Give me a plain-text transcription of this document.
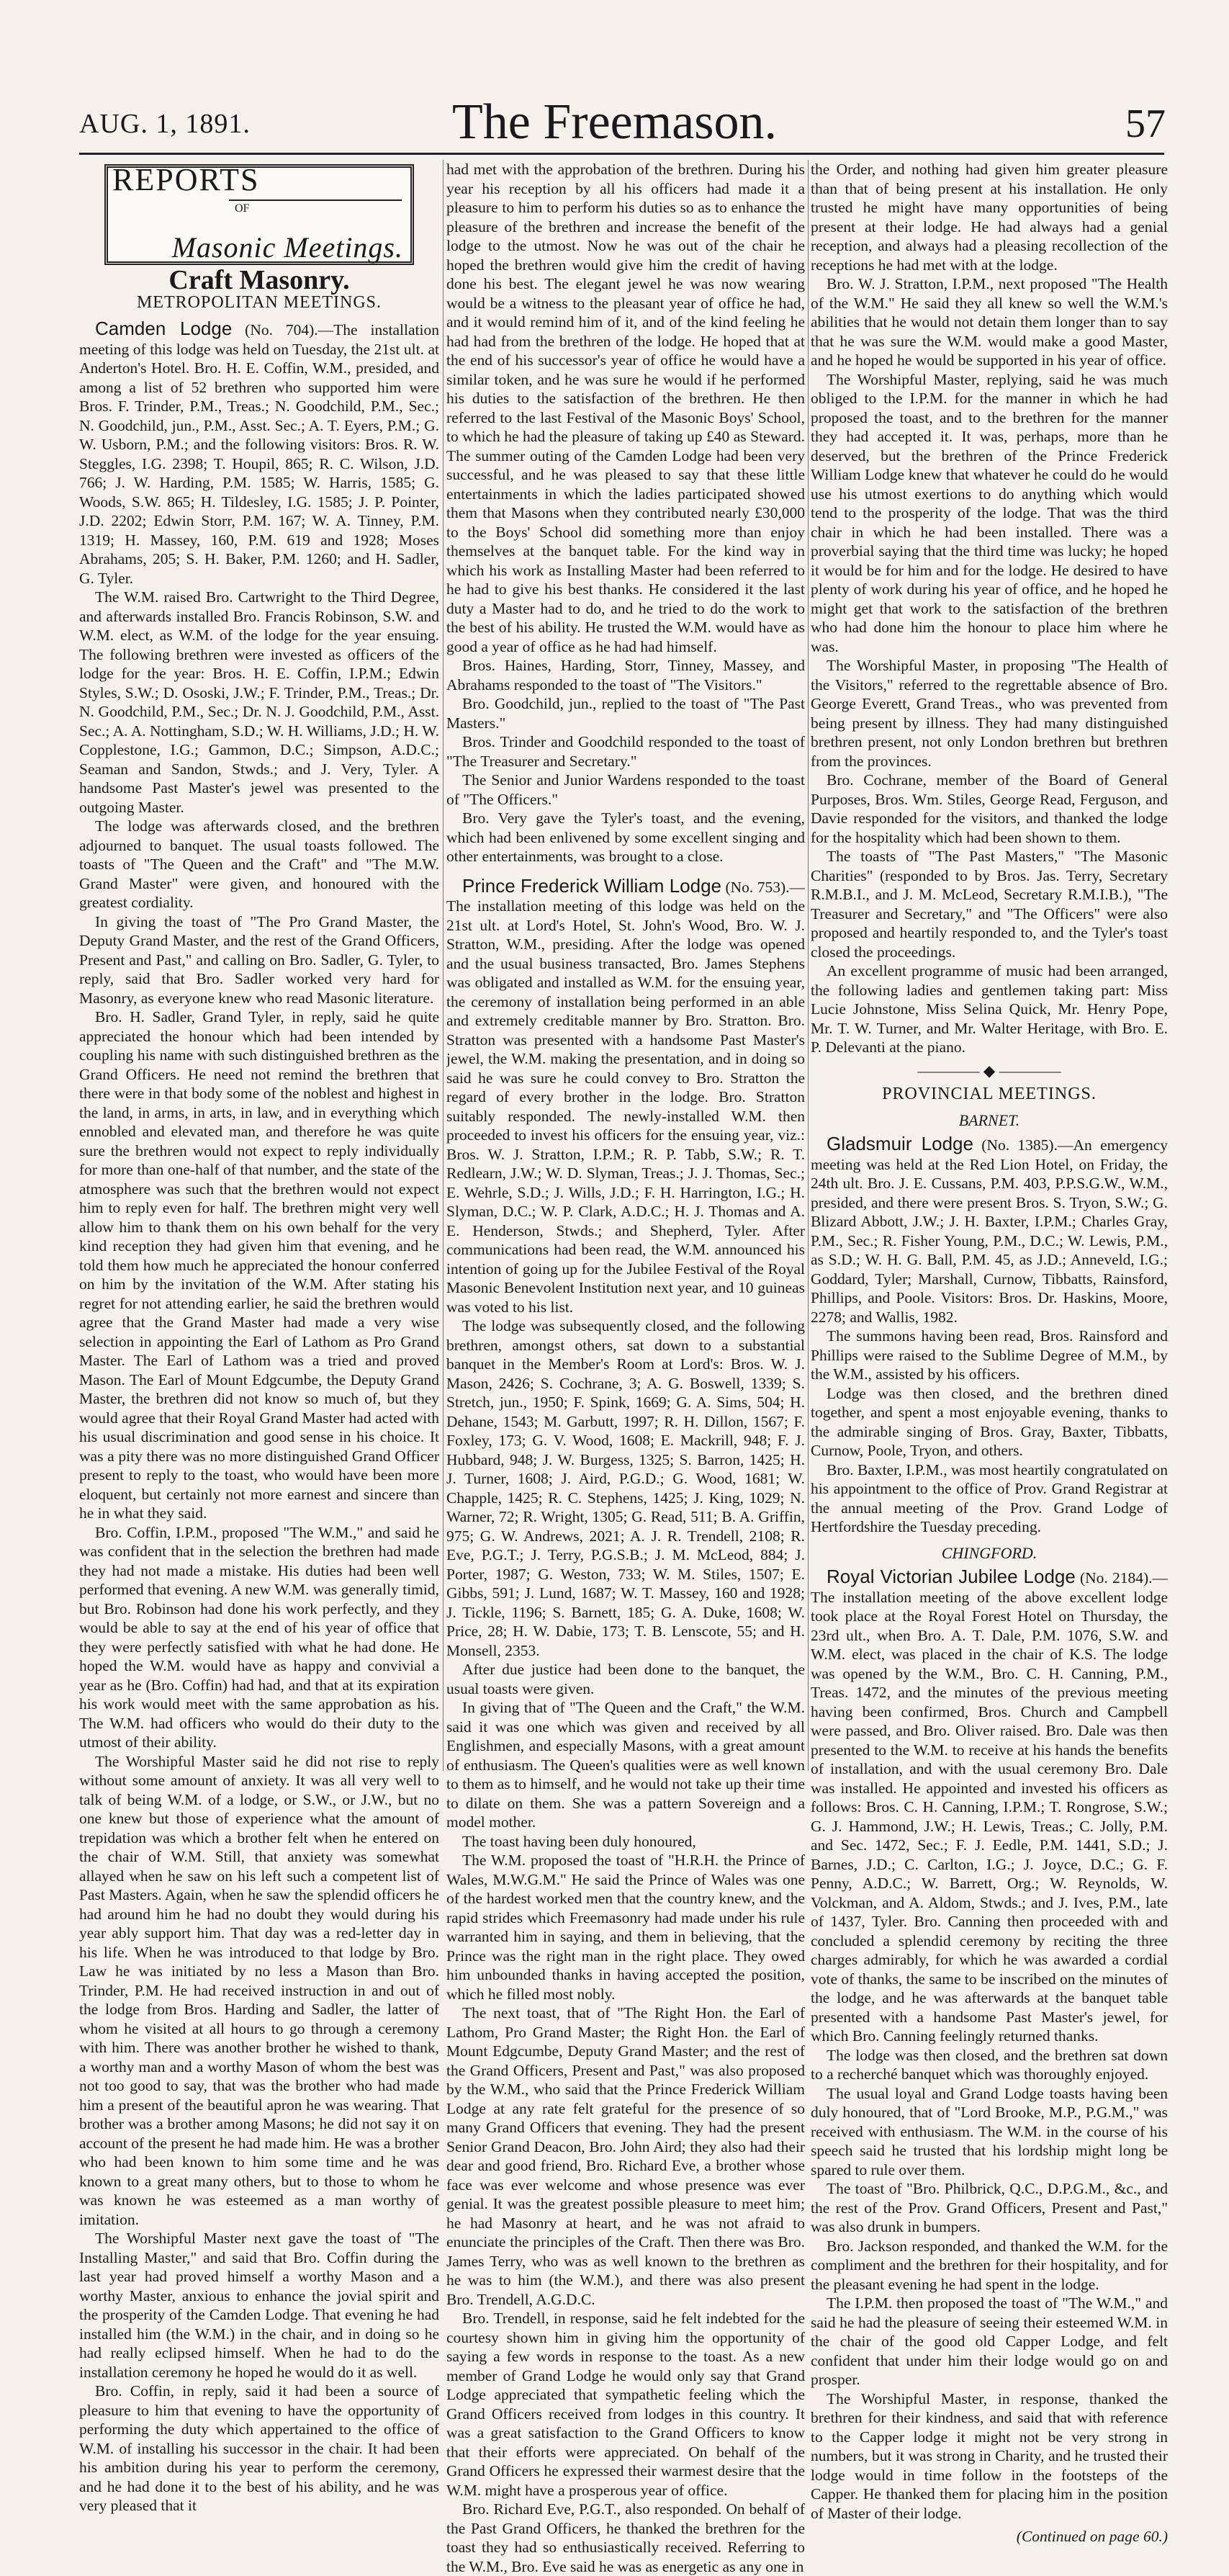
AUG. 1, 1891.	The Freemason.	57
REPORTS
OF
Masonic Meetings.
Craft Masonry.

METROPOLITAN MEETINGS.

Camden Lodge (No. 704).—The installation meeting of this lodge was held on Tuesday, the 21st ult. at Anderton's Hotel. Bro. H. E. Coffin, W.M., presided, and among a list of 52 brethren who supported him were Bros. F. Trinder, P.M., Treas.; N. Goodchild, P.M., Sec.; N. Goodchild, jun., P.M., Asst. Sec.; A. T. Eyers, P.M.; G. W. Usborn, P.M.; and the following visitors: Bros. R. W. Steggles, I.G. 2398; T. Houpil, 865; R. C. Wilson, J.D. 766; J. W. Harding, P.M. 1585; W. Harris, 1585; G. Woods, S.W. 865; H. Tildesley, I.G. 1585; J. P. Pointer, J.D. 2202; Edwin Storr, P.M. 167; W. A. Tinney, P.M. 1319; H. Massey, 160, P.M. 619 and 1928; Moses Abrahams, 205; S. H. Baker, P.M. 1260; and H. Sadler, G. Tyler.

The W.M. raised Bro. Cartwright to the Third Degree, and afterwards installed Bro. Francis Robinson, S.W. and W.M. elect, as W.M. of the lodge for the year ensuing. The following brethren were invested as officers of the lodge for the year: Bros. H. E. Coffin, I.P.M.; Edwin Styles, S.W.; D. Ososki, J.W.; F. Trinder, P.M., Treas.; Dr. N. Goodchild, P.M., Sec.; Dr. N. J. Goodchild, P.M., Asst. Sec.; A. A. Nottingham, S.D.; W. H. Williams, J.D.; H. W. Copplestone, I.G.; Gammon, D.C.; Simpson, A.D.C.; Seaman and Sandon, Stwds.; and J. Very, Tyler. A handsome Past Master's jewel was presented to the outgoing Master.

The lodge was afterwards closed, and the brethren adjourned to banquet. The usual toasts followed. The toasts of "The Queen and the Craft" and "The M.W. Grand Master" were given, and honoured with the greatest cordiality.

In giving the toast of "The Pro Grand Master, the Deputy Grand Master, and the rest of the Grand Officers, Present and Past," and calling on Bro. Sadler, G. Tyler, to reply, said that Bro. Sadler worked very hard for Masonry, as everyone knew who read Masonic literature.

Bro. H. Sadler, Grand Tyler, in reply, said he quite appreciated the honour which had been intended by coupling his name with such distinguished brethren as the Grand Officers. He need not remind the brethren that there were in that body some of the noblest and highest in the land, in arms, in arts, in law, and in everything which ennobled and elevated man, and therefore he was quite sure the brethren would not expect to reply individually for more than one-half of that number, and the state of the atmosphere was such that the brethren would not expect him to reply even for half. The brethren might very well allow him to thank them on his own behalf for the very kind reception they had given him that evening, and he told them how much he appreciated the honour conferred on him by the invitation of the W.M. After stating his regret for not attending earlier, he said the brethren would agree that the Grand Master had made a very wise selection in appointing the Earl of Lathom as Pro Grand Master. The Earl of Lathom was a tried and proved Mason. The Earl of Mount Edgcumbe, the Deputy Grand Master, the brethren did not know so much of, but they would agree that their Royal Grand Master had acted with his usual discrimination and good sense in his choice. It was a pity there was no more distinguished Grand Officer present to reply to the toast, who would have been more eloquent, but certainly not more earnest and sincere than he in what they said.

Bro. Coffin, I.P.M., proposed "The W.M.," and said he was confident that in the selection the brethren had made they had not made a mistake. His duties had been well performed that evening. A new W.M. was generally timid, but Bro. Robinson had done his work perfectly, and they would be able to say at the end of his year of office that they were perfectly satisfied with what he had done. He hoped the W.M. would have as happy and convivial a year as he (Bro. Coffin) had had, and that at its expiration his work would meet with the same approbation as his. The W.M. had officers who would do their duty to the utmost of their ability.

The Worshipful Master said he did not rise to reply without some amount of anxiety. It was all very well to talk of being W.M. of a lodge, or S.W., or J.W., but no one knew but those of experience what the amount of trepidation was which a brother felt when he entered on the chair of W.M. Still, that anxiety was somewhat allayed when he saw on his left such a competent list of Past Masters. Again, when he saw the splendid officers he had around him he had no doubt they would during his year ably support him. That day was a red-letter day in his life. When he was introduced to that lodge by Bro. Law he was initiated by no less a Mason than Bro. Trinder, P.M. He had received instruction in and out of the lodge from Bros. Harding and Sadler, the latter of whom he visited at all hours to go through a ceremony with him. There was another brother he wished to thank, a worthy man and a worthy Mason of whom the best was not too good to say, that was the brother who had made him a present of the beautiful apron he was wearing. That brother was a brother among Masons; he did not say it on account of the present he had made him. He was a brother who had been known to him some time and he was known to a great many others, but to those to whom he was known he was esteemed as a man worthy of imitation.

The Worshipful Master next gave the toast of "The Installing Master," and said that Bro. Coffin during the last year had proved himself a worthy Mason and a worthy Master, anxious to enhance the jovial spirit and the prosperity of the Camden Lodge. That evening he had installed him (the W.M.) in the chair, and in doing so he had really eclipsed himself. When he had to do the installation ceremony he hoped he would do it as well.

Bro. Coffin, in reply, said it had been a source of pleasure to him that evening to have the opportunity of performing the duty which appertained to the office of W.M. of installing his successor in the chair. It had been his ambition during his year to perform the ceremony, and he had done it to the best of his ability, and he was very pleased that it

had met with the approbation of the brethren. During his year his reception by all his officers had made it a pleasure to him to perform his duties so as to enhance the pleasure of the brethren and increase the benefit of the lodge to the utmost. Now he was out of the chair he hoped the brethren would give him the credit of having done his best. The elegant jewel he was now wearing would be a witness to the pleasant year of office he had, and it would remind him of it, and of the kind feeling he had had from the brethren of the lodge. He hoped that at the end of his successor's year of office he would have a similar token, and he was sure he would if he performed his duties to the satisfaction of the brethren. He then referred to the last Festival of the Masonic Boys' School, to which he had the pleasure of taking up £40 as Steward. The summer outing of the Camden Lodge had been very successful, and he was pleased to say that these little entertainments in which the ladies participated showed them that Masons when they contributed nearly £30,000 to the Boys' School did something more than enjoy themselves at the banquet table. For the kind way in which his work as Installing Master had been referred to he had to give his best thanks. He considered it the last duty a Master had to do, and he tried to do the work to the best of his ability. He trusted the W.M. would have as good a year of office as he had had himself.

Bros. Haines, Harding, Storr, Tinney, Massey, and Abrahams responded to the toast of "The Visitors."

Bro. Goodchild, jun., replied to the toast of "The Past Masters."

Bros. Trinder and Goodchild responded to the toast of "The Treasurer and Secretary."

The Senior and Junior Wardens responded to the toast of "The Officers."

Bro. Very gave the Tyler's toast, and the evening, which had been enlivened by some excellent singing and other entertainments, was brought to a close.

Prince Frederick William Lodge (No. 753).—The installation meeting of this lodge was held on the 21st ult. at Lord's Hotel, St. John's Wood, Bro. W. J. Stratton, W.M., presiding. After the lodge was opened and the usual business transacted, Bro. James Stephens was obligated and installed as W.M. for the ensuing year, the ceremony of installation being performed in an able and extremely creditable manner by Bro. Stratton. Bro. Stratton was presented with a handsome Past Master's jewel, the W.M. making the presentation, and in doing so said he was sure he could convey to Bro. Stratton the regard of every brother in the lodge. Bro. Stratton suitably responded. The newly-installed W.M. then proceeded to invest his officers for the ensuing year, viz.: Bros. W. J. Stratton, I.P.M.; R. P. Tabb, S.W.; R. T. Redlearn, J.W.; W. D. Slyman, Treas.; J. J. Thomas, Sec.; E. Wehrle, S.D.; J. Wills, J.D.; F. H. Harrington, I.G.; H. Slyman, D.C.; W. P. Clark, A.D.C.; H. J. Thomas and A. E. Henderson, Stwds.; and Shepherd, Tyler. After communications had been read, the W.M. announced his intention of going up for the Jubilee Festival of the Royal Masonic Benevolent Institution next year, and 10 guineas was voted to his list.

The lodge was subsequently closed, and the following brethren, amongst others, sat down to a substantial banquet in the Member's Room at Lord's: Bros. W. J. Mason, 2426; S. Cochrane, 3; A. G. Boswell, 1339; S. Stretch, jun., 1950; F. Spink, 1669; G. A. Sims, 504; H. Dehane, 1543; M. Garbutt, 1997; R. H. Dillon, 1567; F. Foxley, 173; G. V. Wood, 1608; E. Mackrill, 948; F. J. Hubbard, 948; J. W. Burgess, 1325; S. Barron, 1425; H. J. Turner, 1608; J. Aird, P.G.D.; G. Wood, 1681; W. Chapple, 1425; R. C. Stephens, 1425; J. King, 1029; N. Warner, 72; R. Wright, 1305; G. Read, 511; B. A. Griffin, 975; G. W. Andrews, 2021; A. J. R. Trendell, 2108; R. Eve, P.G.T.; J. Terry, P.G.S.B.; J. M. McLeod, 884; J. Porter, 1987; G. Weston, 733; W. M. Stiles, 1507; E. Gibbs, 591; J. Lund, 1687; W. T. Massey, 160 and 1928; J. Tickle, 1196; S. Barnett, 185; G. A. Duke, 1608; W. Price, 28; H. W. Dabie, 173; T. B. Lenscote, 55; and H. Monsell, 2353.

After due justice had been done to the banquet, the usual toasts were given.

In giving that of "The Queen and the Craft," the W.M. said it was one which was given and received by all Englishmen, and especially Masons, with a great amount of enthusiasm. The Queen's qualities were as well known to them as to himself, and he would not take up their time to dilate on them. She was a pattern Sovereign and a model mother.

The toast having been duly honoured,

The W.M. proposed the toast of "H.R.H. the Prince of Wales, M.W.G.M." He said the Prince of Wales was one of the hardest worked men that the country knew, and the rapid strides which Freemasonry had made under his rule warranted him in saying, and them in believing, that the Prince was the right man in the right place. They owed him unbounded thanks in having accepted the position, which he filled most nobly.

The next toast, that of "The Right Hon. the Earl of Lathom, Pro Grand Master; the Right Hon. the Earl of Mount Edgcumbe, Deputy Grand Master; and the rest of the Grand Officers, Present and Past," was also proposed by the W.M., who said that the Prince Frederick William Lodge at any rate felt grateful for the presence of so many Grand Officers that evening. They had the present Senior Grand Deacon, Bro. John Aird; they also had their dear and good friend, Bro. Richard Eve, a brother whose face was ever welcome and whose presence was ever genial. It was the greatest possible pleasure to meet him; he had Masonry at heart, and he was not afraid to enunciate the principles of the Craft. Then there was Bro. James Terry, who was as well known to the brethren as he was to him (the W.M.), and there was also present Bro. Trendell, A.G.D.C.

Bro. Trendell, in response, said he felt indebted for the courtesy shown him in giving him the opportunity of saying a few words in response to the toast. As a new member of Grand Lodge he would only say that Grand Lodge appreciated that sympathetic feeling which the Grand Officers received from lodges in this country. It was a great satisfaction to the Grand Officers to know that their efforts were appreciated. On behalf of the Grand Officers he expressed their warmest desire that the W.M. might have a prosperous year of office.

Bro. Richard Eve, P.G.T., also responded. On behalf of the Past Grand Officers, he thanked the brethren for the toast they had so enthusiastically received. Referring to the W.M., Bro. Eve said he was as energetic as any one in

the Order, and nothing had given him greater pleasure than that of being present at his installation. He only trusted he might have many opportunities of being present at their lodge. He had always had a genial reception, and always had a pleasing recollection of the receptions he had met with at the lodge.

Bro. W. J. Stratton, I.P.M., next proposed "The Health of the W.M." He said they all knew so well the W.M.'s abilities that he would not detain them longer than to say that he was sure the W.M. would make a good Master, and he hoped he would be supported in his year of office.

The Worshipful Master, replying, said he was much obliged to the I.P.M. for the manner in which he had proposed the toast, and to the brethren for the manner they had accepted it. It was, perhaps, more than he deserved, but the brethren of the Prince Frederick William Lodge knew that whatever he could do he would use his utmost exertions to do anything which would tend to the prosperity of the lodge. That was the third chair in which he had been installed. There was a proverbial saying that the third time was lucky; he hoped it would be for him and for the lodge. He desired to have plenty of work during his year of office, and he hoped he might get that work to the satisfaction of the brethren who had done him the honour to place him where he was.

The Worshipful Master, in proposing "The Health of the Visitors," referred to the regrettable absence of Bro. George Everett, Grand Treas., who was prevented from being present by illness. They had many distinguished brethren present, not only London brethren but brethren from the provinces.

Bro. Cochrane, member of the Board of General Purposes, Bros. Wm. Stiles, George Read, Ferguson, and Davie responded for the visitors, and thanked the lodge for the hospitality which had been shown to them.

The toasts of "The Past Masters," "The Masonic Charities" (responded to by Bros. Jas. Terry, Secretary R.M.B.I., and J. M. McLeod, Secretary R.M.I.B.), "The Treasurer and Secretary," and "The Officers" were also proposed and heartily responded to, and the Tyler's toast closed the proceedings.

An excellent programme of music had been arranged, the following ladies and gentlemen taking part: Miss Lucie Johnstone, Miss Selina Quick, Mr. Henry Pope, Mr. T. W. Turner, and Mr. Walter Heritage, with Bro. E. P. Delevanti at the piano.

———— ◆ ————

PROVINCIAL MEETINGS.

BARNET.

Gladsmuir Lodge (No. 1385).—An emergency meeting was held at the Red Lion Hotel, on Friday, the 24th ult. Bro. J. E. Cussans, P.M. 403, P.P.S.G.W., W.M., presided, and there were present Bros. S. Tryon, S.W.; G. Blizard Abbott, J.W.; J. H. Baxter, I.P.M.; Charles Gray, P.M., Sec.; R. Fisher Young, P.M., D.C.; W. Lewis, P.M., as S.D.; W. H. G. Ball, P.M. 45, as J.D.; Anneveld, I.G.; Goddard, Tyler; Marshall, Curnow, Tibbatts, Rainsford, Phillips, and Poole. Visitors: Bros. Dr. Haskins, Moore, 2278; and Wallis, 1982.

The summons having been read, Bros. Rainsford and Phillips were raised to the Sublime Degree of M.M., by the W.M., assisted by his officers.

Lodge was then closed, and the brethren dined together, and spent a most enjoyable evening, thanks to the admirable singing of Bros. Gray, Baxter, Tibbatts, Curnow, Poole, Tryon, and others.

Bro. Baxter, I.P.M., was most heartily congratulated on his appointment to the office of Prov. Grand Registrar at the annual meeting of the Prov. Grand Lodge of Hertfordshire the Tuesday preceding.

CHINGFORD.

Royal Victorian Jubilee Lodge (No. 2184).—The installation meeting of the above excellent lodge took place at the Royal Forest Hotel on Thursday, the 23rd ult., when Bro. A. T. Dale, P.M. 1076, S.W. and W.M. elect, was placed in the chair of K.S. The lodge was opened by the W.M., Bro. C. H. Canning, P.M., Treas. 1472, and the minutes of the previous meeting having been confirmed, Bros. Church and Campbell were passed, and Bro. Oliver raised. Bro. Dale was then presented to the W.M. to receive at his hands the benefits of installation, and with the usual ceremony Bro. Dale was installed. He appointed and invested his officers as follows: Bros. C. H. Canning, I.P.M.; T. Rongrose, S.W.; G. J. Hammond, J.W.; H. Lewis, Treas.; C. Jolly, P.M. and Sec. 1472, Sec.; F. J. Eedle, P.M. 1441, S.D.; J. Barnes, J.D.; C. Carlton, I.G.; J. Joyce, D.C.; G. F. Penny, A.D.C.; W. Barrett, Org.; W. Reynolds, W. Volckman, and A. Aldom, Stwds.; and J. Ives, P.M., late of 1437, Tyler. Bro. Canning then proceeded with and concluded a splendid ceremony by reciting the three charges admirably, for which he was awarded a cordial vote of thanks, the same to be inscribed on the minutes of the lodge, and he was afterwards at the banquet table presented with a handsome Past Master's jewel, for which Bro. Canning feelingly returned thanks.

The lodge was then closed, and the brethren sat down to a recherché banquet which was thoroughly enjoyed.

The usual loyal and Grand Lodge toasts having been duly honoured, that of "Lord Brooke, M.P., P.G.M.," was received with enthusiasm. The W.M. in the course of his speech said he trusted that his lordship might long be spared to rule over them.

The toast of "Bro. Philbrick, Q.C., D.P.G.M., &c., and the rest of the Prov. Grand Officers, Present and Past," was also drunk in bumpers.

Bro. Jackson responded, and thanked the W.M. for the compliment and the brethren for their hospitality, and for the pleasant evening he had spent in the lodge.

The I.P.M. then proposed the toast of "The W.M.," and said he had the pleasure of seeing their esteemed W.M. in the chair of the good old Capper Lodge, and felt confident that under him their lodge would go on and prosper.

The Worshipful Master, in response, thanked the brethren for their kindness, and said that with reference to the Capper lodge it might not be very strong in numbers, but it was strong in Charity, and he trusted their lodge would in time follow in the footsteps of the Capper. He thanked them for placing him in the position of Master of their lodge.

(Continued on page 60.)
